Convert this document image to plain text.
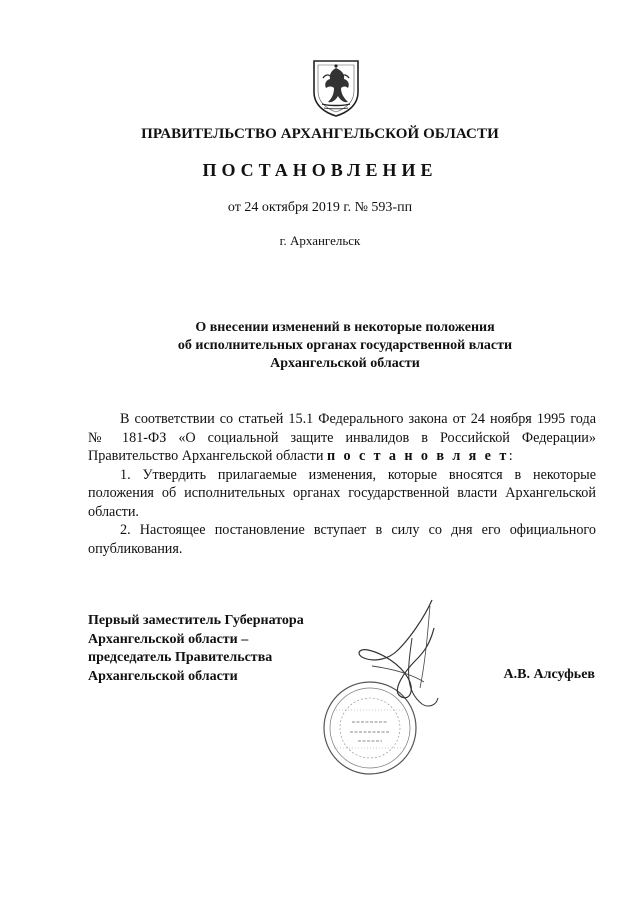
ПРАВИТЕЛЬСТВО АРХАНГЕЛЬСКОЙ ОБЛАСТИ
ПОСТАНОВЛЕНИЕ
от 24 октября 2019 г. № 593-пп
г. Архангельск
О внесении изменений в некоторые положения
об исполнительных органах государственной власти
Архангельской области

В соответствии со статьей 15.1 Федерального закона от 24 ноября 1995 года № 181-ФЗ «О социальной защите инвалидов в Российской Федерации» Правительство Архангельской области п о с т а н о в л я е т:

1. Утвердить прилагаемые изменения, которые вносятся в некоторые положения об исполнительных органах государственной власти Архангельской области.

2. Настоящее постановление вступает в силу со дня его официального опубликования.

Первый заместитель Губернатора
Архангельской области –
председатель Правительства
Архангельской области	А.В. Алсуфьев
